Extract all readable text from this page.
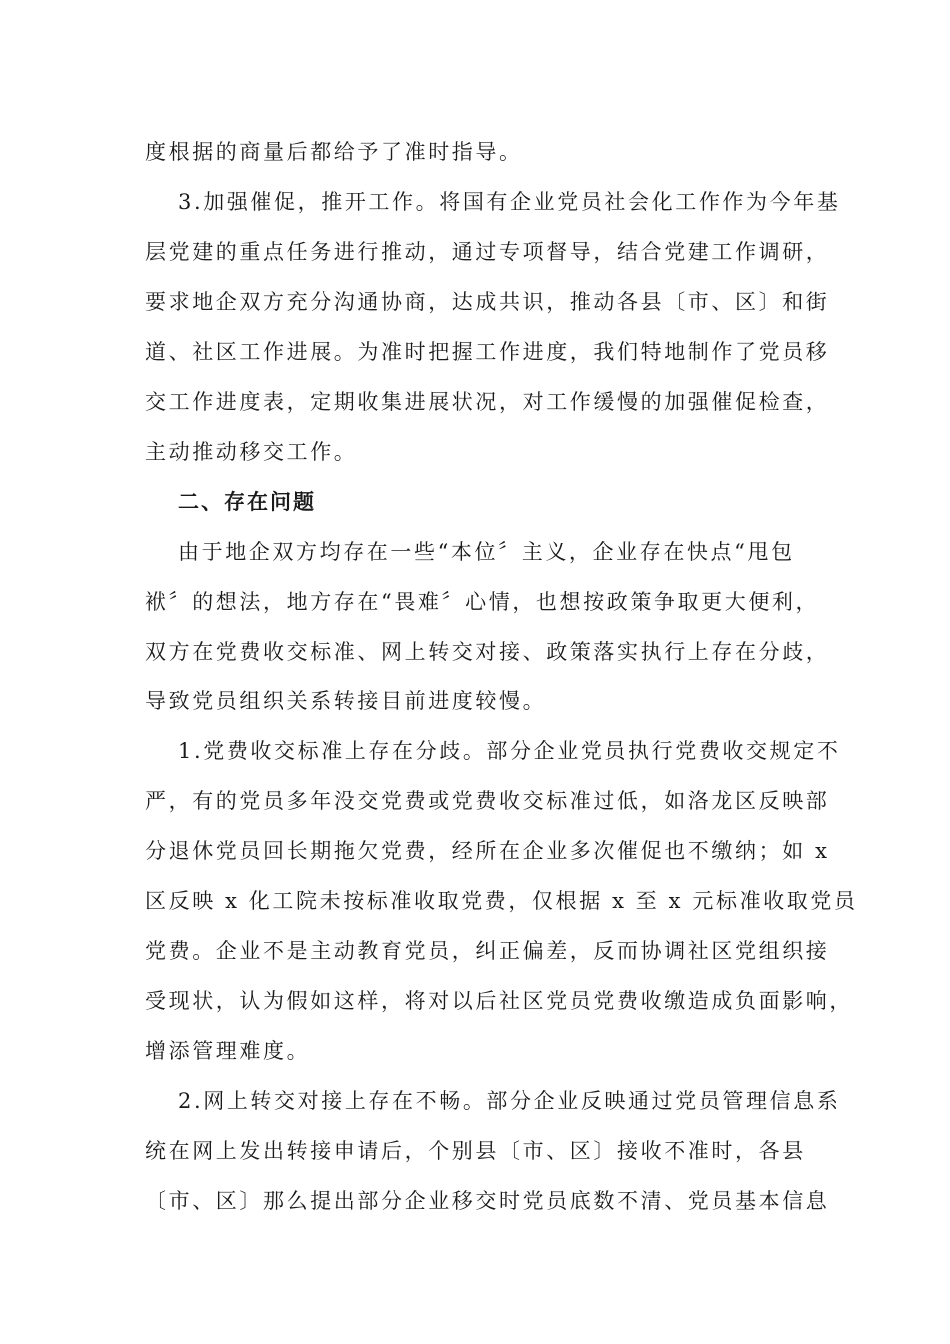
度根据的商量后都给予了准时指导。
3.加强催促，推开工作。将国有企业党员社会化工作作为今年基
层党建的重点任务进行推动，通过专项督导，结合党建工作调研，
要求地企双方充分沟通协商，达成共识，推动各县〔市、区〕和街
道、社区工作进展。为准时把握工作进度，我们特地制作了党员移
交工作进度表，定期收集进展状况，对工作缓慢的加强催促检查，
主动推动移交工作。
二、存在问题
由于地企双方均存在一些“本位〞主义，企业存在快点“甩包
袱〞的想法，地方存在“畏难〞心情，也想按政策争取更大便利，
双方在党费收交标准、网上转交对接、政策落实执行上存在分歧，
导致党员组织关系转接目前进度较慢。
1.党费收交标准上存在分歧。部分企业党员执行党费收交规定不
严，有的党员多年没交党费或党费收交标准过低，如洛龙区反映部
分退休党员回长期拖欠党费，经所在企业多次催促也不缴纳；如 x
区反映 x 化工院未按标准收取党费，仅根据 x 至 x 元标准收取党员
党费。企业不是主动教育党员，纠正偏差，反而协调社区党组织接
受现状，认为假如这样，将对以后社区党员党费收缴造成负面影响，
增添管理难度。
2.网上转交对接上存在不畅。部分企业反映通过党员管理信息系
统在网上发出转接申请后，个别县〔市、区〕接收不准时，各县
〔市、区〕那么提出部分企业移交时党员底数不清、党员基本信息
